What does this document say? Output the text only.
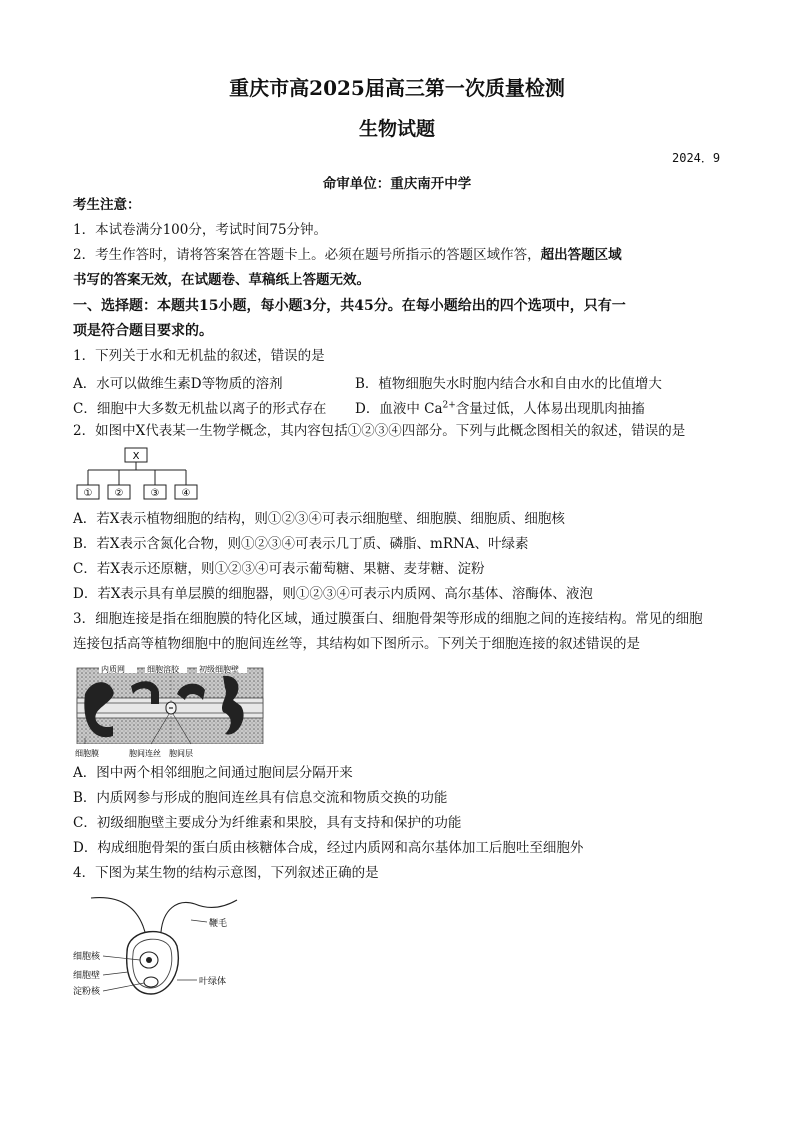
重庆市高2025届高三第一次质量检测
生物试题
2024．9
命审单位：重庆南开中学
考生注意：
1．本试卷满分100分，考试时间75分钟。
2．考生作答时，请将答案答在答题卡上。必须在题号所指示的答题区域作答，超出答题区域
书写的答案无效，在试题卷、草稿纸上答题无效。
一、选择题：本题共15小题，每小题3分，共45分。在每小题给出的四个选项中，只有一
项是符合题目要求的。
1．下列关于水和无机盐的叙述，错误的是
A．水可以做维生素D等物质的溶剂	B．植物细胞失水时胞内结合水和自由水的比值增大
C．细胞中大多数无机盐以离子的形式存在 D．血液中 $Ca^{2+}$含量过低，人体易出现肌肉抽搐
2．如图中X代表某一生物学概念，其内容包括①②③④四部分。下列与此概念图相关的叙述，错误的是
X
① ②	③ ④
A．若X表示植物细胞的结构，则①②③④可表示细胞壁、细胞膜、细胞质、细胞核
B．若X表示含氮化合物，则①②③④可表示几丁质、磷脂、mRNA、叶绿素
C．若X表示还原糖，则①②③④可表示葡萄糖、果糖、麦芽糖、淀粉
D．若X表示具有单层膜的细胞器，则①②③④可表示内质网、高尔基体、溶酶体、液泡
3．细胞连接是指在细胞膜的特化区域，通过膜蛋白、细胞骨架等形成的细胞之间的连接结构。常见的细胞
连接包括高等植物细胞中的胞间连丝等，其结构如下图所示。下列关于细胞连接的叙述错误的是
内质网	细胞溶胶	初级细胞壁
细胞膜	胞间连丝 胞间层
A．图中两个相邻细胞之间通过胞间层分隔开来
B．内质网参与形成的胞间连丝具有信息交流和物质交换的功能
C．初级细胞壁主要成分为纤维素和果胶，具有支持和保护的功能
D．构成细胞骨架的蛋白质由核糖体合成，经过内质网和高尔基体加工后胞吐至细胞外
4．下图为某生物的结构示意图，下列叙述正确的是
鞭毛
细胞核
细胞壁
淀粉核
叶绿体
